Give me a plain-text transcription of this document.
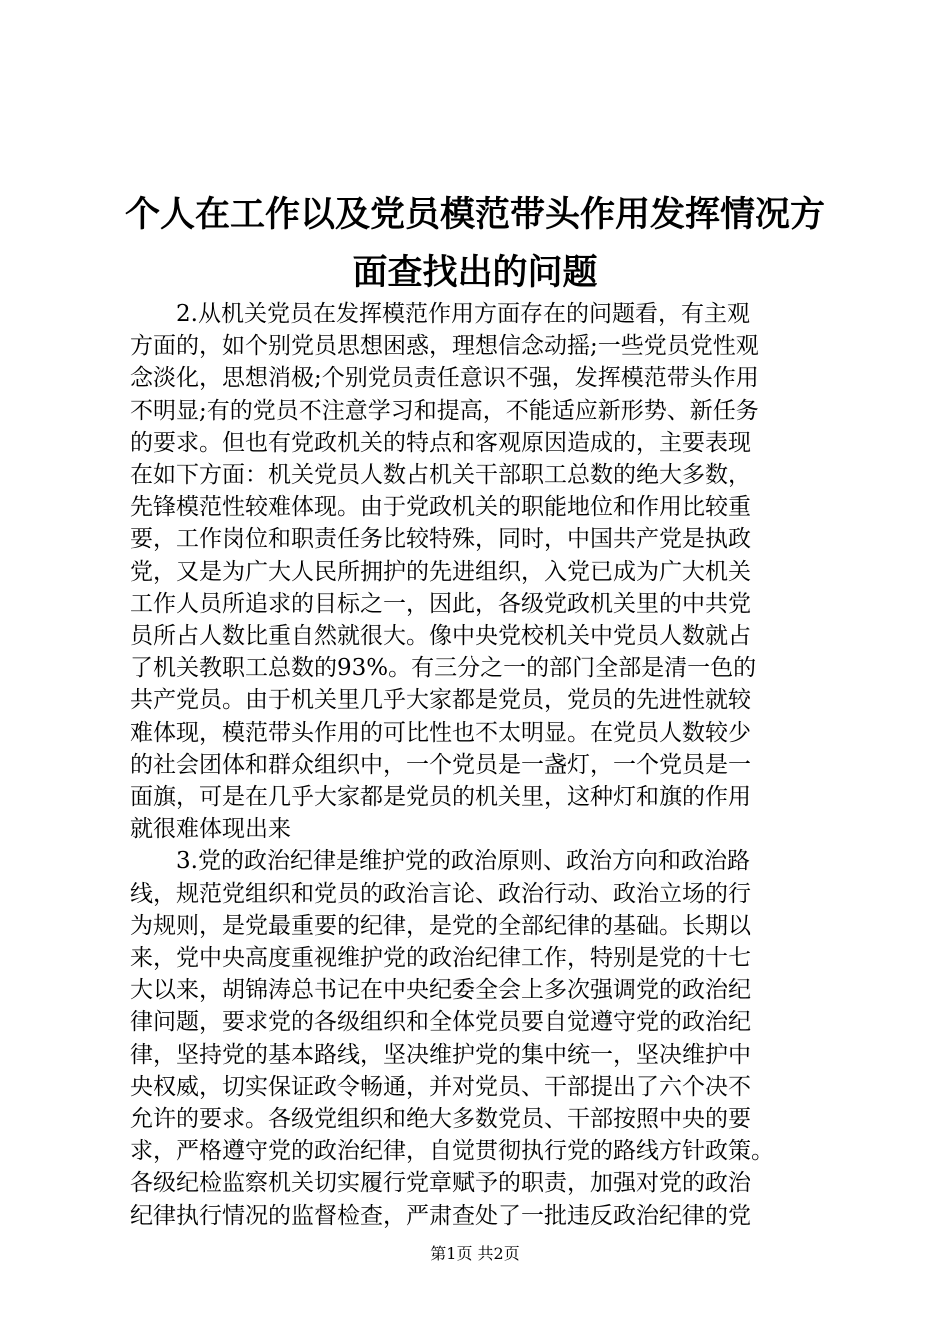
个人在工作以及党员模范带头作用发挥情况方
面查找出的问题

　　2.从机关党员在发挥模范作用方面存在的问题看，有主观
方面的，如个别党员思想困惑，理想信念动摇;一些党员党性观
念淡化，思想消极;个别党员责任意识不强，发挥模范带头作用
不明显;有的党员不注意学习和提高，不能适应新形势、新任务
的要求。但也有党政机关的特点和客观原因造成的，主要表现
在如下方面：机关党员人数占机关干部职工总数的绝大多数，
先锋模范性较难体现。由于党政机关的职能地位和作用比较重
要，工作岗位和职责任务比较特殊，同时，中国共产党是执政
党，又是为广大人民所拥护的先进组织，入党已成为广大机关
工作人员所追求的目标之一，因此，各级党政机关里的中共党
员所占人数比重自然就很大。像中央党校机关中党员人数就占
了机关教职工总数的93%。有三分之一的部门全部是清一色的
共产党员。由于机关里几乎大家都是党员，党员的先进性就较
难体现，模范带头作用的可比性也不太明显。在党员人数较少
的社会团体和群众组织中，一个党员是一盏灯，一个党员是一
面旗，可是在几乎大家都是党员的机关里，这种灯和旗的作用
就很难体现出来

　　3.党的政治纪律是维护党的政治原则、政治方向和政治路
线，规范党组织和党员的政治言论、政治行动、政治立场的行
为规则，是党最重要的纪律，是党的全部纪律的基础。长期以
来，党中央高度重视维护党的政治纪律工作，特别是党的十七
大以来，胡锦涛总书记在中央纪委全会上多次强调党的政治纪
律问题，要求党的各级组织和全体党员要自觉遵守党的政治纪
律，坚持党的基本路线，坚决维护党的集中统一，坚决维护中
央权威，切实保证政令畅通，并对党员、干部提出了六个决不
允许的要求。各级党组织和绝大多数党员、干部按照中央的要
求，严格遵守党的政治纪律，自觉贯彻执行党的路线方针政策。
各级纪检监察机关切实履行党章赋予的职责，加强对党的政治
纪律执行情况的监督检查，严肃查处了一批违反政治纪律的党

第1页 共2页
